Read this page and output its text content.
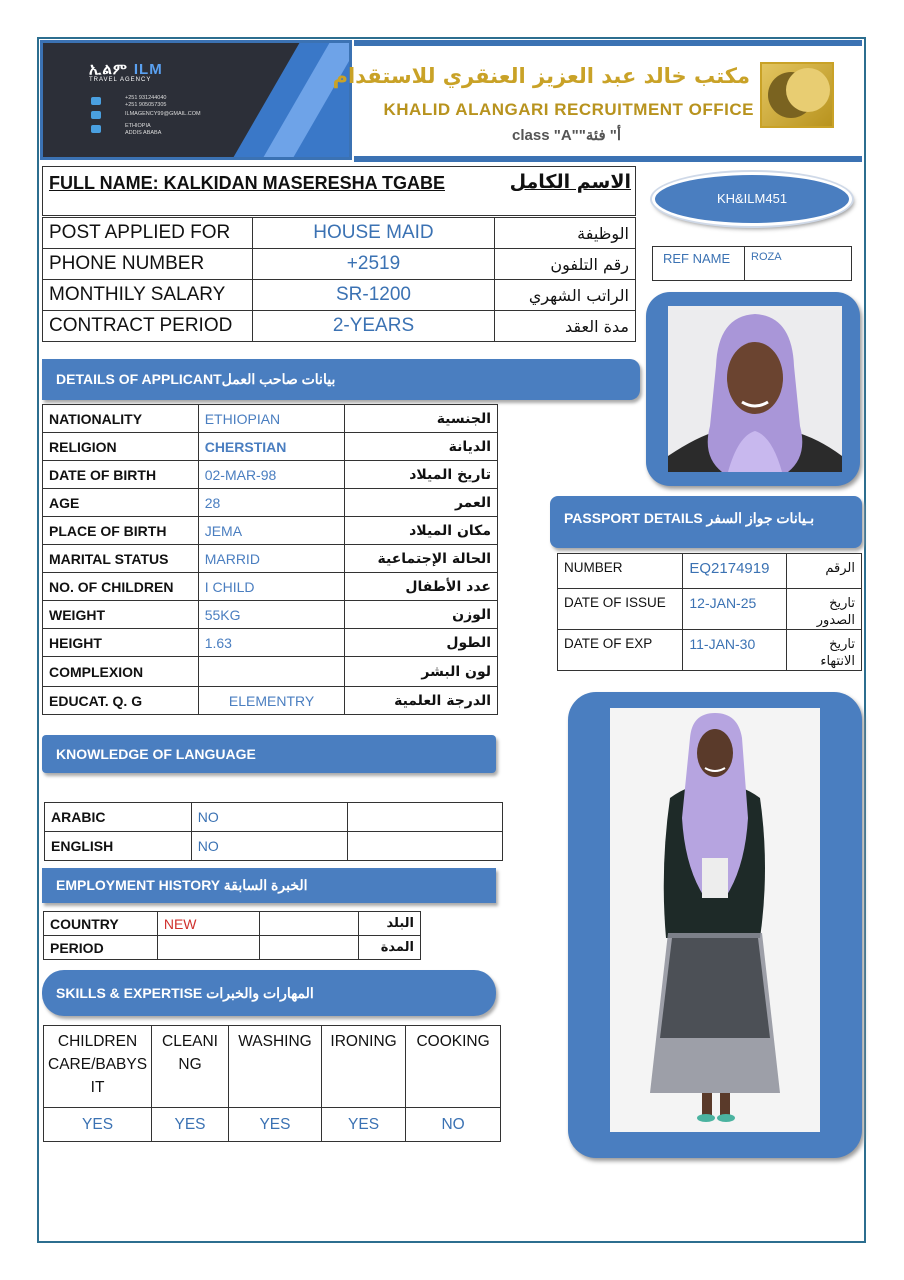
ኢልም ILM
TRAVEL AGENCY
+251 931244040
+251 905057305
ILMAGENCY99@GMAIL.COM
ETHIOPIA
ADDIS ABABA
مكتب خالد عبد العزيز العنقري للاستقدام
KHALID ALANGARI RECRUITMENT OFFICE
class "A""أ" فئة
FULL NAME: KALKIDAN MASERESHA TGABE	الاسم الكامل
POST APPLIED FOR	HOUSE MAID	الوظيفة
PHONE NUMBER	+2519	رقم التلفون
MONTHILY SALARY	SR-1200	الراتب الشهري
CONTRACT PERIOD	2-YEARS	مدة العقد
KH&ILM451
REF NAME	ROZA
DETAILS OF APPLICANTبيانات صاحب العمل
NATIONALITY	ETHIOPIAN	الجنسية
RELIGION	CHERSTIAN	الديانة
DATE OF BIRTH	02-MAR-98	تاريخ الميلاد
AGE	28	العمر
PLACE OF BIRTH	JEMA	مكان الميلاد
MARITAL STATUS	MARRID	الحالة الإجتماعية
NO. OF CHILDREN	I CHILD	عدد الأطفال
WEIGHT	55KG	الوزن
HEIGHT	1.63	الطول
COMPLEXION		لون البشر
EDUCAT. Q. G	ELEMENTRY	الدرجة العلمية
PASSPORT DETAILS بـيانات جواز السفر
NUMBER	EQ2174919	الرقم
DATE OF ISSUE	12-JAN-25	تاريخ الصدور
DATE OF EXP	11-JAN-30	تاريخ الانتهاء
KNOWLEDGE OF LANGUAGE
ARABIC	NO	
ENGLISH	NO	
EMPLOYMENT HISTORY الخبرة السابقة
COUNTRY	NEW		البلد
PERIOD			المدة
SKILLS & EXPERTISE المهارات والخبرات
CHILDREN CARE/BABYS IT	CLEANI NG	WASHING	IRONING	COOKING
YES	YES	YES	YES	NO
